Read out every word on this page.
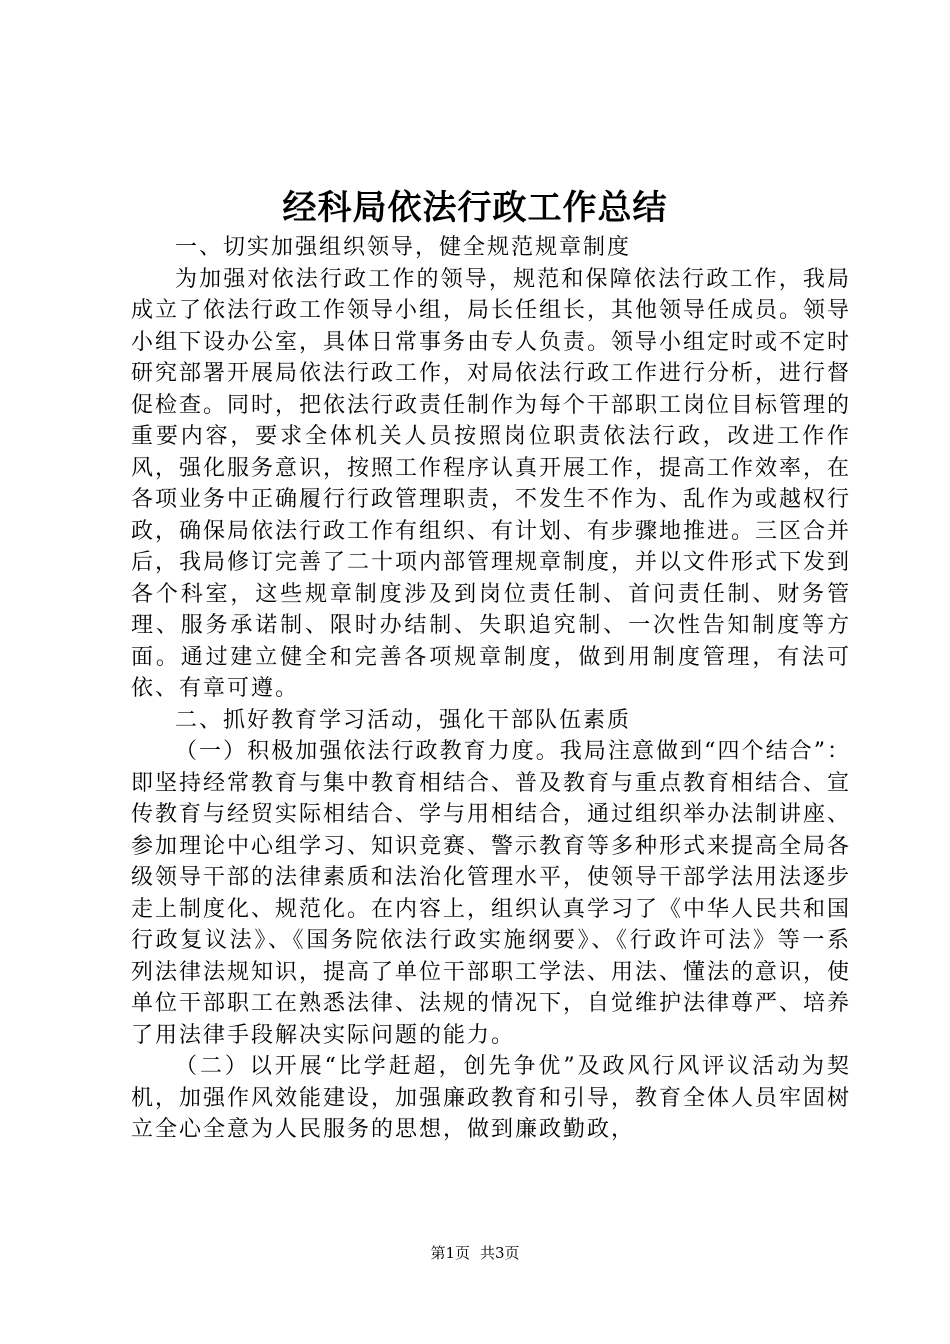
经科局依法行政工作总结

一、切实加强组织领导，健全规范规章制度

为加强对依法行政工作的领导，规范和保障依法行政工作，我局成立了依法行政工作领导小组，局长任组长，其他领导任成员。领导小组下设办公室，具体日常事务由专人负责。领导小组定时或不定时研究部署开展局依法行政工作，对局依法行政工作进行分析，进行督促检查。同时，把依法行政责任制作为每个干部职工岗位目标管理的重要内容，要求全体机关人员按照岗位职责依法行政，改进工作作风，强化服务意识，按照工作程序认真开展工作，提高工作效率，在各项业务中正确履行行政管理职责，不发生不作为、乱作为或越权行政，确保局依法行政工作有组织、有计划、有步骤地推进。三区合并后，我局修订完善了二十项内部管理规章制度，并以文件形式下发到各个科室，这些规章制度涉及到岗位责任制、首问责任制、财务管理、服务承诺制、限时办结制、失职追究制、一次性告知制度等方面。通过建立健全和完善各项规章制度，做到用制度管理，有法可依、有章可遵。

二、抓好教育学习活动，强化干部队伍素质

（一）积极加强依法行政教育力度。我局注意做到“四个结合”：即坚持经常教育与集中教育相结合、普及教育与重点教育相结合、宣传教育与经贸实际相结合、学与用相结合，通过组织举办法制讲座、参加理论中心组学习、知识竞赛、警示教育等多种形式来提高全局各级领导干部的法律素质和法治化管理水平，使领导干部学法用法逐步走上制度化、规范化。在内容上，组织认真学习了《中华人民共和国行政复议法》、《国务院依法行政实施纲要》、《行政许可法》等一系列法律法规知识，提高了单位干部职工学法、用法、懂法的意识，使单位干部职工在熟悉法律、法规的情况下，自觉维护法律尊严、培养了用法律手段解决实际问题的能力。

（二）以开展“比学赶超，创先争优”及政风行风评议活动为契机，加强作风效能建设，加强廉政教育和引导，教育全体人员牢固树立全心全意为人民服务的思想，做到廉政勤政，

第1页 共3页
